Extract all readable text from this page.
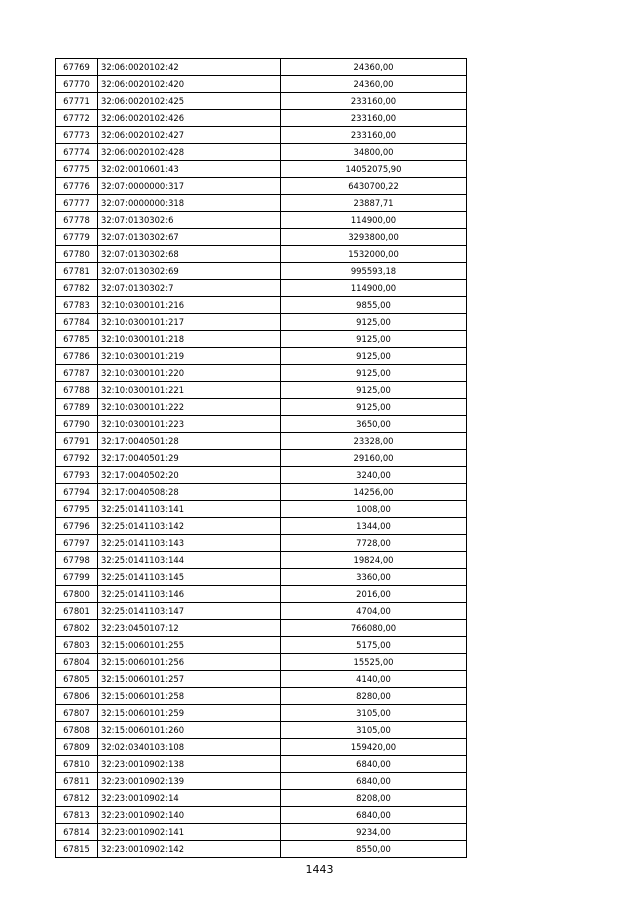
67769	32:06:0020102:42	24360,00
67770	32:06:0020102:420	24360,00
67771	32:06:0020102:425	233160,00
67772	32:06:0020102:426	233160,00
67773	32:06:0020102:427	233160,00
67774	32:06:0020102:428	34800,00
67775	32:02:0010601:43	14052075,90
67776	32:07:0000000:317	6430700,22
67777	32:07:0000000:318	23887,71
67778	32:07:0130302:6	114900,00
67779	32:07:0130302:67	3293800,00
67780	32:07:0130302:68	1532000,00
67781	32:07:0130302:69	995593,18
67782	32:07:0130302:7	114900,00
67783	32:10:0300101:216	9855,00
67784	32:10:0300101:217	9125,00
67785	32:10:0300101:218	9125,00
67786	32:10:0300101:219	9125,00
67787	32:10:0300101:220	9125,00
67788	32:10:0300101:221	9125,00
67789	32:10:0300101:222	9125,00
67790	32:10:0300101:223	3650,00
67791	32:17:0040501:28	23328,00
67792	32:17:0040501:29	29160,00
67793	32:17:0040502:20	3240,00
67794	32:17:0040508:28	14256,00
67795	32:25:0141103:141	1008,00
67796	32:25:0141103:142	1344,00
67797	32:25:0141103:143	7728,00
67798	32:25:0141103:144	19824,00
67799	32:25:0141103:145	3360,00
67800	32:25:0141103:146	2016,00
67801	32:25:0141103:147	4704,00
67802	32:23:0450107:12	766080,00
67803	32:15:0060101:255	5175,00
67804	32:15:0060101:256	15525,00
67805	32:15:0060101:257	4140,00
67806	32:15:0060101:258	8280,00
67807	32:15:0060101:259	3105,00
67808	32:15:0060101:260	3105,00
67809	32:02:0340103:108	159420,00
67810	32:23:0010902:138	6840,00
67811	32:23:0010902:139	6840,00
67812	32:23:0010902:14	8208,00
67813	32:23:0010902:140	6840,00
67814	32:23:0010902:141	9234,00
67815	32:23:0010902:142	8550,00
1443
